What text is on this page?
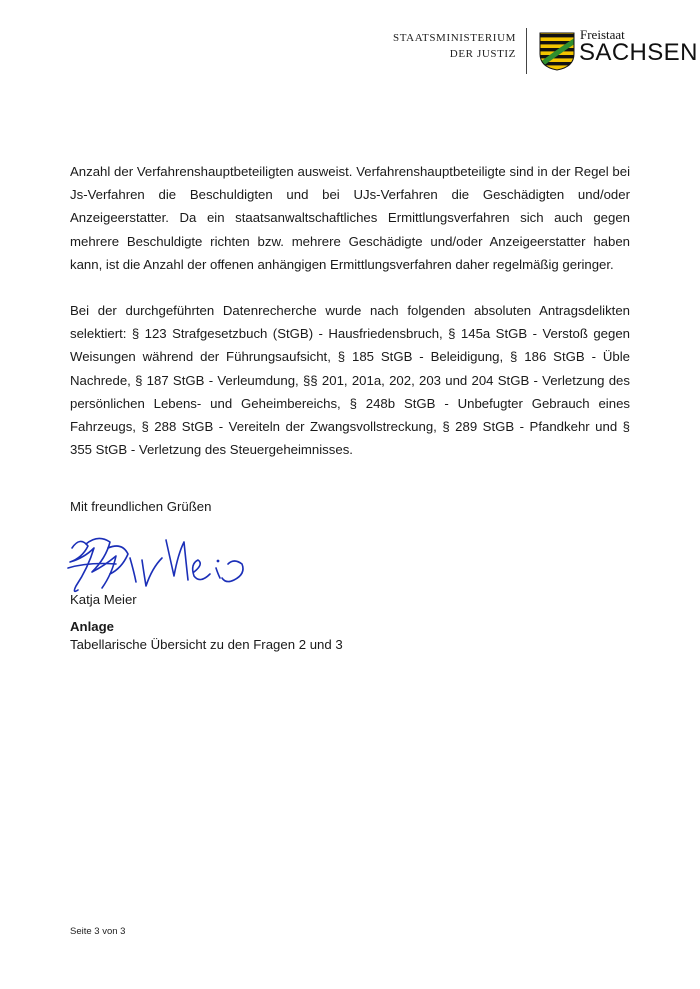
STAATSMINISTERIUM
DER JUSTIZ
Freistaat
SACHSEN

Anzahl der Verfahrenshauptbeteiligten ausweist. Verfahrenshauptbeteiligte sind in der Regel bei Js-Verfahren die Beschuldigten und bei UJs-Verfahren die Geschädigten und/oder Anzeigeerstatter. Da ein staatsanwaltschaftliches Ermittlungsverfahren sich auch gegen mehrere Beschuldigte richten bzw. mehrere Geschädigte und/oder Anzeigeerstatter haben kann, ist die Anzahl der offenen anhängigen Ermittlungsverfahren daher regelmäßig geringer.

Bei der durchgeführten Datenrecherche wurde nach folgenden absoluten Antragsdelikten selektiert: § 123 Strafgesetzbuch (StGB) - Hausfriedensbruch, § 145a StGB - Verstoß gegen Weisungen während der Führungsaufsicht, § 185 StGB - Beleidigung, § 186 StGB - Üble Nachrede, § 187 StGB - Verleumdung, §§ 201, 201a, 202, 203 und 204 StGB - Verletzung des persönlichen Lebens- und Geheimbereichs, § 248b StGB - Unbefugter Gebrauch eines Fahrzeugs, § 288 StGB - Vereiteln der Zwangsvollstreckung, § 289 StGB - Pfandkehr und § 355 StGB - Verletzung des Steuergeheimnisses.

Mit freundlichen Grüßen
Katja Meier
Anlage
Tabellarische Übersicht zu den Fragen 2 und 3
Seite 3 von 3
